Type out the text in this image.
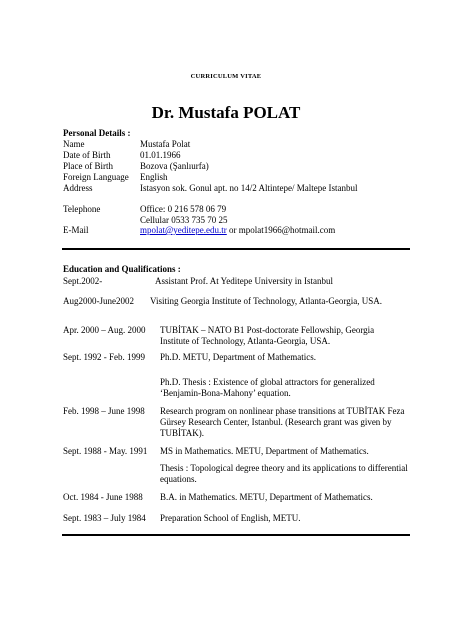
CURRICULUM VITAE
Dr. Mustafa POLAT
Personal Details :
Name	Mustafa Polat
Date of Birth	01.01.1966
Place of Birth	Bozova (Şanlıurfa)
Foreign Language English
Address	Istasyon sok. Gonul apt. no 14/2 Altintepe/ Maltepe Istanbul
Telephone	Office: 0 216 578 06 79
Cellular 0533 735 70 25
E-Mail	mpolat@yeditepe.edu.tr or mpolat1966@hotmail.com
Education and Qualifications :
Sept.2002-	Assistant Prof. At Yeditepe University in Istanbul
Aug2000-June2002 Visiting Georgia Institute of Technology, Atlanta-Georgia, USA.
Apr. 2000 – Aug. 2000 TUBİTAK – NATO B1 Post-doctorate Fellowship, Georgia Institute of Technology, Atlanta-Georgia, USA.
Sept. 1992 - Feb. 1999 Ph.D. METU, Department of Mathematics.
Ph.D. Thesis : Existence of global attractors for generalized ‘Benjamin-Bona-Mahony’ equation.
Feb. 1998 – June 1998 Research program on nonlinear phase transitions at TUBİTAK Feza Gürsey Research Center, Istanbul. (Research grant was given by TUBİTAK).
Sept. 1988 - May. 1991 MS in Mathematics. METU, Department of Mathematics.
Thesis : Topological degree theory and its applications to differential equations.
Oct. 1984 - June 1988 B.A. in Mathematics. METU, Department of Mathematics.
Sept. 1983 – July 1984 Preparation School of English, METU.
